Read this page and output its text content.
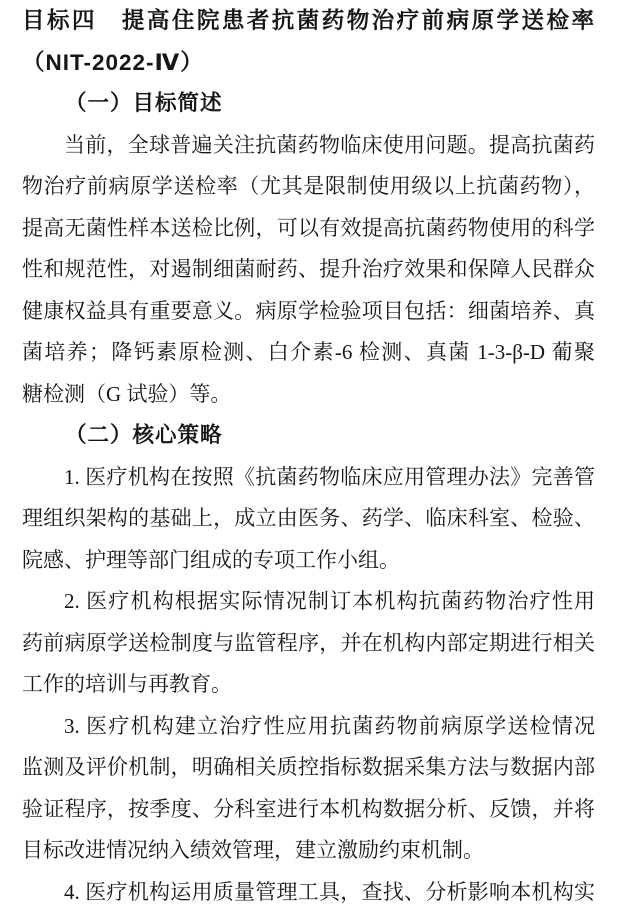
目标四　提高住院患者抗菌药物治疗前病原学送检率
（NIT-2022-Ⅳ）
（一）目标简述
当前，全球普遍关注抗菌药物临床使用问题。提高抗菌药
物治疗前病原学送检率（尤其是限制使用级以上抗菌药物），
提高无菌性样本送检比例，可以有效提高抗菌药物使用的科学
性和规范性，对遏制细菌耐药、提升治疗效果和保障人民群众
健康权益具有重要意义。病原学检验项目包括：细菌培养、真
菌培养；降钙素原检测、白介素-6 检测、真菌 1-3-β-D 葡聚
糖检测（G 试验）等。
（二）核心策略
1. 医疗机构在按照《抗菌药物临床应用管理办法》完善管
理组织架构的基础上，成立由医务、药学、临床科室、检验、
院感、护理等部门组成的专项工作小组。
2. 医疗机构根据实际情况制订本机构抗菌药物治疗性用
药前病原学送检制度与监管程序，并在机构内部定期进行相关
工作的培训与再教育。
3. 医疗机构建立治疗性应用抗菌药物前病原学送检情况
监测及评价机制，明确相关质控指标数据采集方法与数据内部
验证程序，按季度、分科室进行本机构数据分析、反馈，并将
目标改进情况纳入绩效管理，建立激励约束机制。
4. 医疗机构运用质量管理工具，查找、分析影响本机构实
